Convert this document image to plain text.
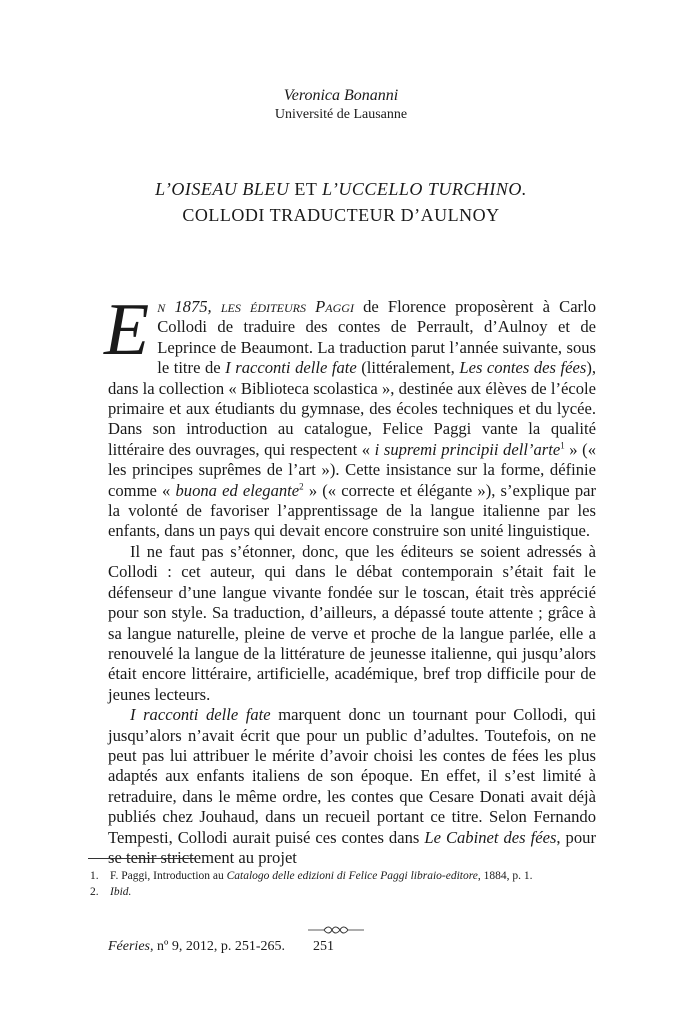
Veronica Bonanni
Université de Lausanne
L’OISEAU BLEU ET L’UCCELLO TURCHINO.
COLLODI TRADUCTEUR D’AULNOY

En 1875, les éditeurs Paggi de Florence proposèrent à Carlo Collodi de traduire des contes de Perrault, d’Aulnoy et de Leprince de Beaumont. La traduction parut l’année suivante, sous le titre de I racconti delle fate (littéralement, Les contes des fées), dans la collection « Biblioteca scolastica », destinée aux élèves de l’école primaire et aux étudiants du gymnase, des écoles techniques et du lycée. Dans son introduction au catalogue, Felice Paggi vante la qualité littéraire des ouvrages, qui respectent « i supremi principii dell’arte$^1$ » (« les principes suprêmes de l’art »). Cette insistance sur la forme, définie comme « buona ed elegante$^2$ » (« correcte et élégante »), s’explique par la volonté de favoriser l’apprentissage de la langue italienne par les enfants, dans un pays qui devait encore construire son unité linguistique.

Il ne faut pas s’étonner, donc, que les éditeurs se soient adressés à Collodi : cet auteur, qui dans le débat contemporain s’était fait le défenseur d’une langue vivante fondée sur le toscan, était très apprécié pour son style. Sa traduction, d’ailleurs, a dépassé toute attente ; grâce à sa langue naturelle, pleine de verve et proche de la langue parlée, elle a renouvelé la langue de la littérature de jeunesse italienne, qui jusqu’alors était encore littéraire, artificielle, académique, bref trop difficile pour de jeunes lecteurs.

I racconti delle fate marquent donc un tournant pour Collodi, qui jusqu’alors n’avait écrit que pour un public d’adultes. Toutefois, on ne peut pas lui attribuer le mérite d’avoir choisi les contes de fées les plus adaptés aux enfants italiens de son époque. En effet, il s’est limité à retraduire, dans le même ordre, les contes que Cesare Donati avait déjà publiés chez Jouhaud, dans un recueil portant ce titre. Selon Fernando Tempesti, Collodi aurait puisé ces contes dans Le Cabinet des fées, pour se tenir strictement au projet

1. F. Paggi, Introduction au Catalogo delle edizioni di Felice Paggi libraio-editore, 1884, p. 1.
2. Ibid.
Féeries, nº 9, 2012, p. 251-265. 251
